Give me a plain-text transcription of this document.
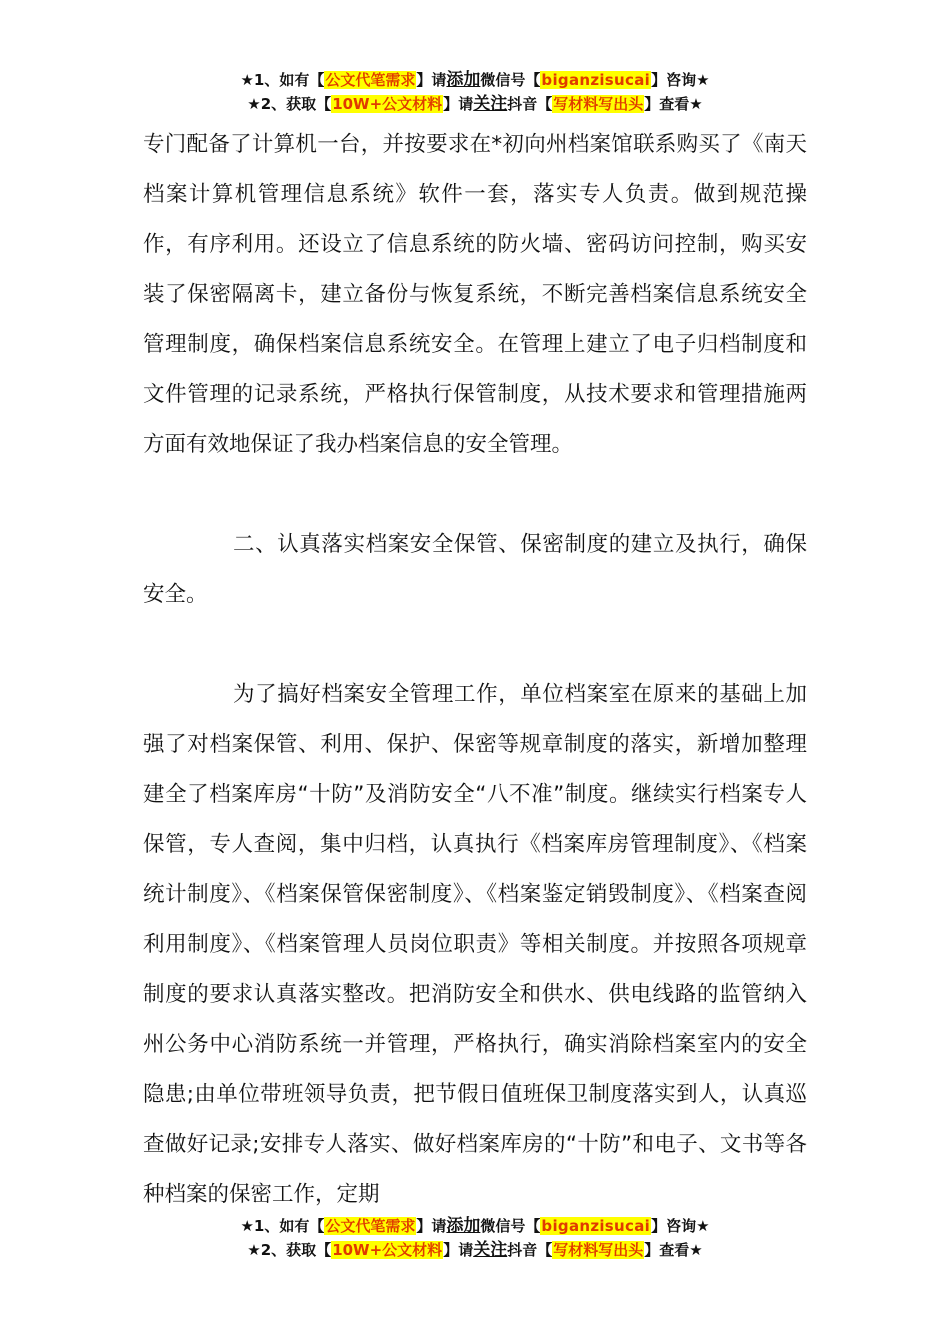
★1、如有【公文代笔需求】请添加微信号【biganzisucai】咨询★
★2、获取【10W+公文材料】请关注抖音【写材料写出头】查看★

专门配备了计算机一台，并按要求在*初向州档案馆联系购买了《南天档案计算机管理信息系统》软件一套，落实专人负责。做到规范操作，有序利用。还设立了信息系统的防火墙、密码访问控制，购买安装了保密隔离卡，建立备份与恢复系统，不断完善档案信息系统安全管理制度，确保档案信息系统安全。在管理上建立了电子归档制度和文件管理的记录系统，严格执行保管制度，从技术要求和管理措施两方面有效地保证了我办档案信息的安全管理。

二、认真落实档案安全保管、保密制度的建立及执行，确保安全。

为了搞好档案安全管理工作，单位档案室在原来的基础上加强了对档案保管、利用、保护、保密等规章制度的落实，新增加整理建全了档案库房“十防”及消防安全“八不准”制度。继续实行档案专人保管，专人查阅，集中归档，认真执行《档案库房管理制度》、《档案统计制度》、《档案保管保密制度》、《档案鉴定销毁制度》、《档案查阅利用制度》、《档案管理人员岗位职责》等相关制度。并按照各项规章制度的要求认真落实整改。把消防安全和供水、供电线路的监管纳入州公务中心消防系统一并管理，严格执行，确实消除档案室内的安全隐患;由单位带班领导负责，把节假日值班保卫制度落实到人，认真巡查做好记录;安排专人落实、做好档案库房的“十防”和电子、文书等各种档案的保密工作，定期

★1、如有【公文代笔需求】请添加微信号【biganzisucai】咨询★
★2、获取【10W+公文材料】请关注抖音【写材料写出头】查看★
